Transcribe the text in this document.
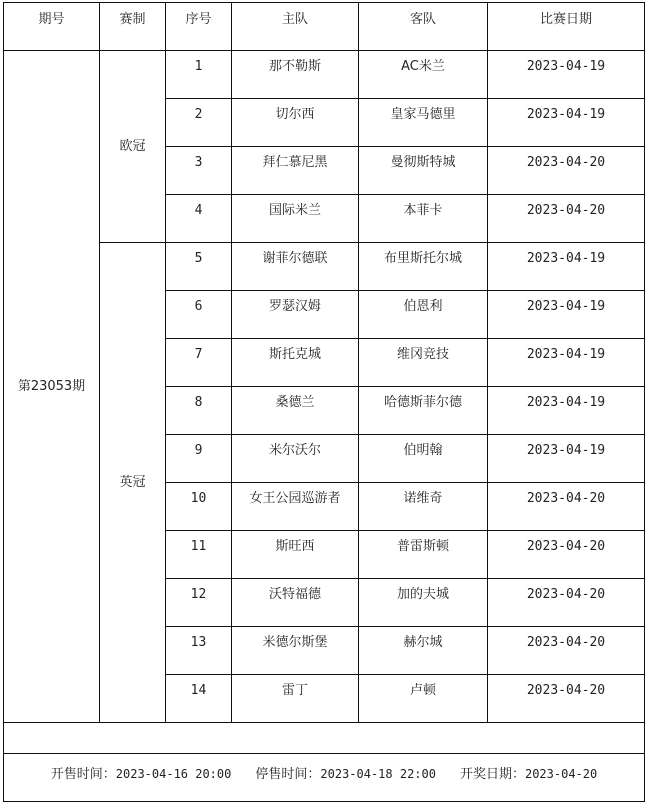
期号	赛制	序号	主队	客队	比赛日期
第23053期	欧冠	1	那不勒斯	AC米兰	2023-04-19
		2	切尔西	皇家马德里	2023-04-19
		3	拜仁慕尼黑	曼彻斯特城	2023-04-20
		4	国际米兰	本菲卡	2023-04-20
	英冠	5	谢菲尔德联	布里斯托尔城	2023-04-19
		6	罗瑟汉姆	伯恩利	2023-04-19
		7	斯托克城	维冈竞技	2023-04-19
		8	桑德兰	哈德斯菲尔德	2023-04-19
		9	米尔沃尔	伯明翰	2023-04-19
		10	女王公园巡游者	诺维奇	2023-04-20
		11	斯旺西	普雷斯顿	2023-04-20
		12	沃特福德	加的夫城	2023-04-20
		13	米德尔斯堡	赫尔城	2023-04-20
		14	雷丁	卢顿	2023-04-20

开售时间：2023-04-16 20:00 停售时间：2023-04-18 22:00 开奖日期：2023-04-20					
